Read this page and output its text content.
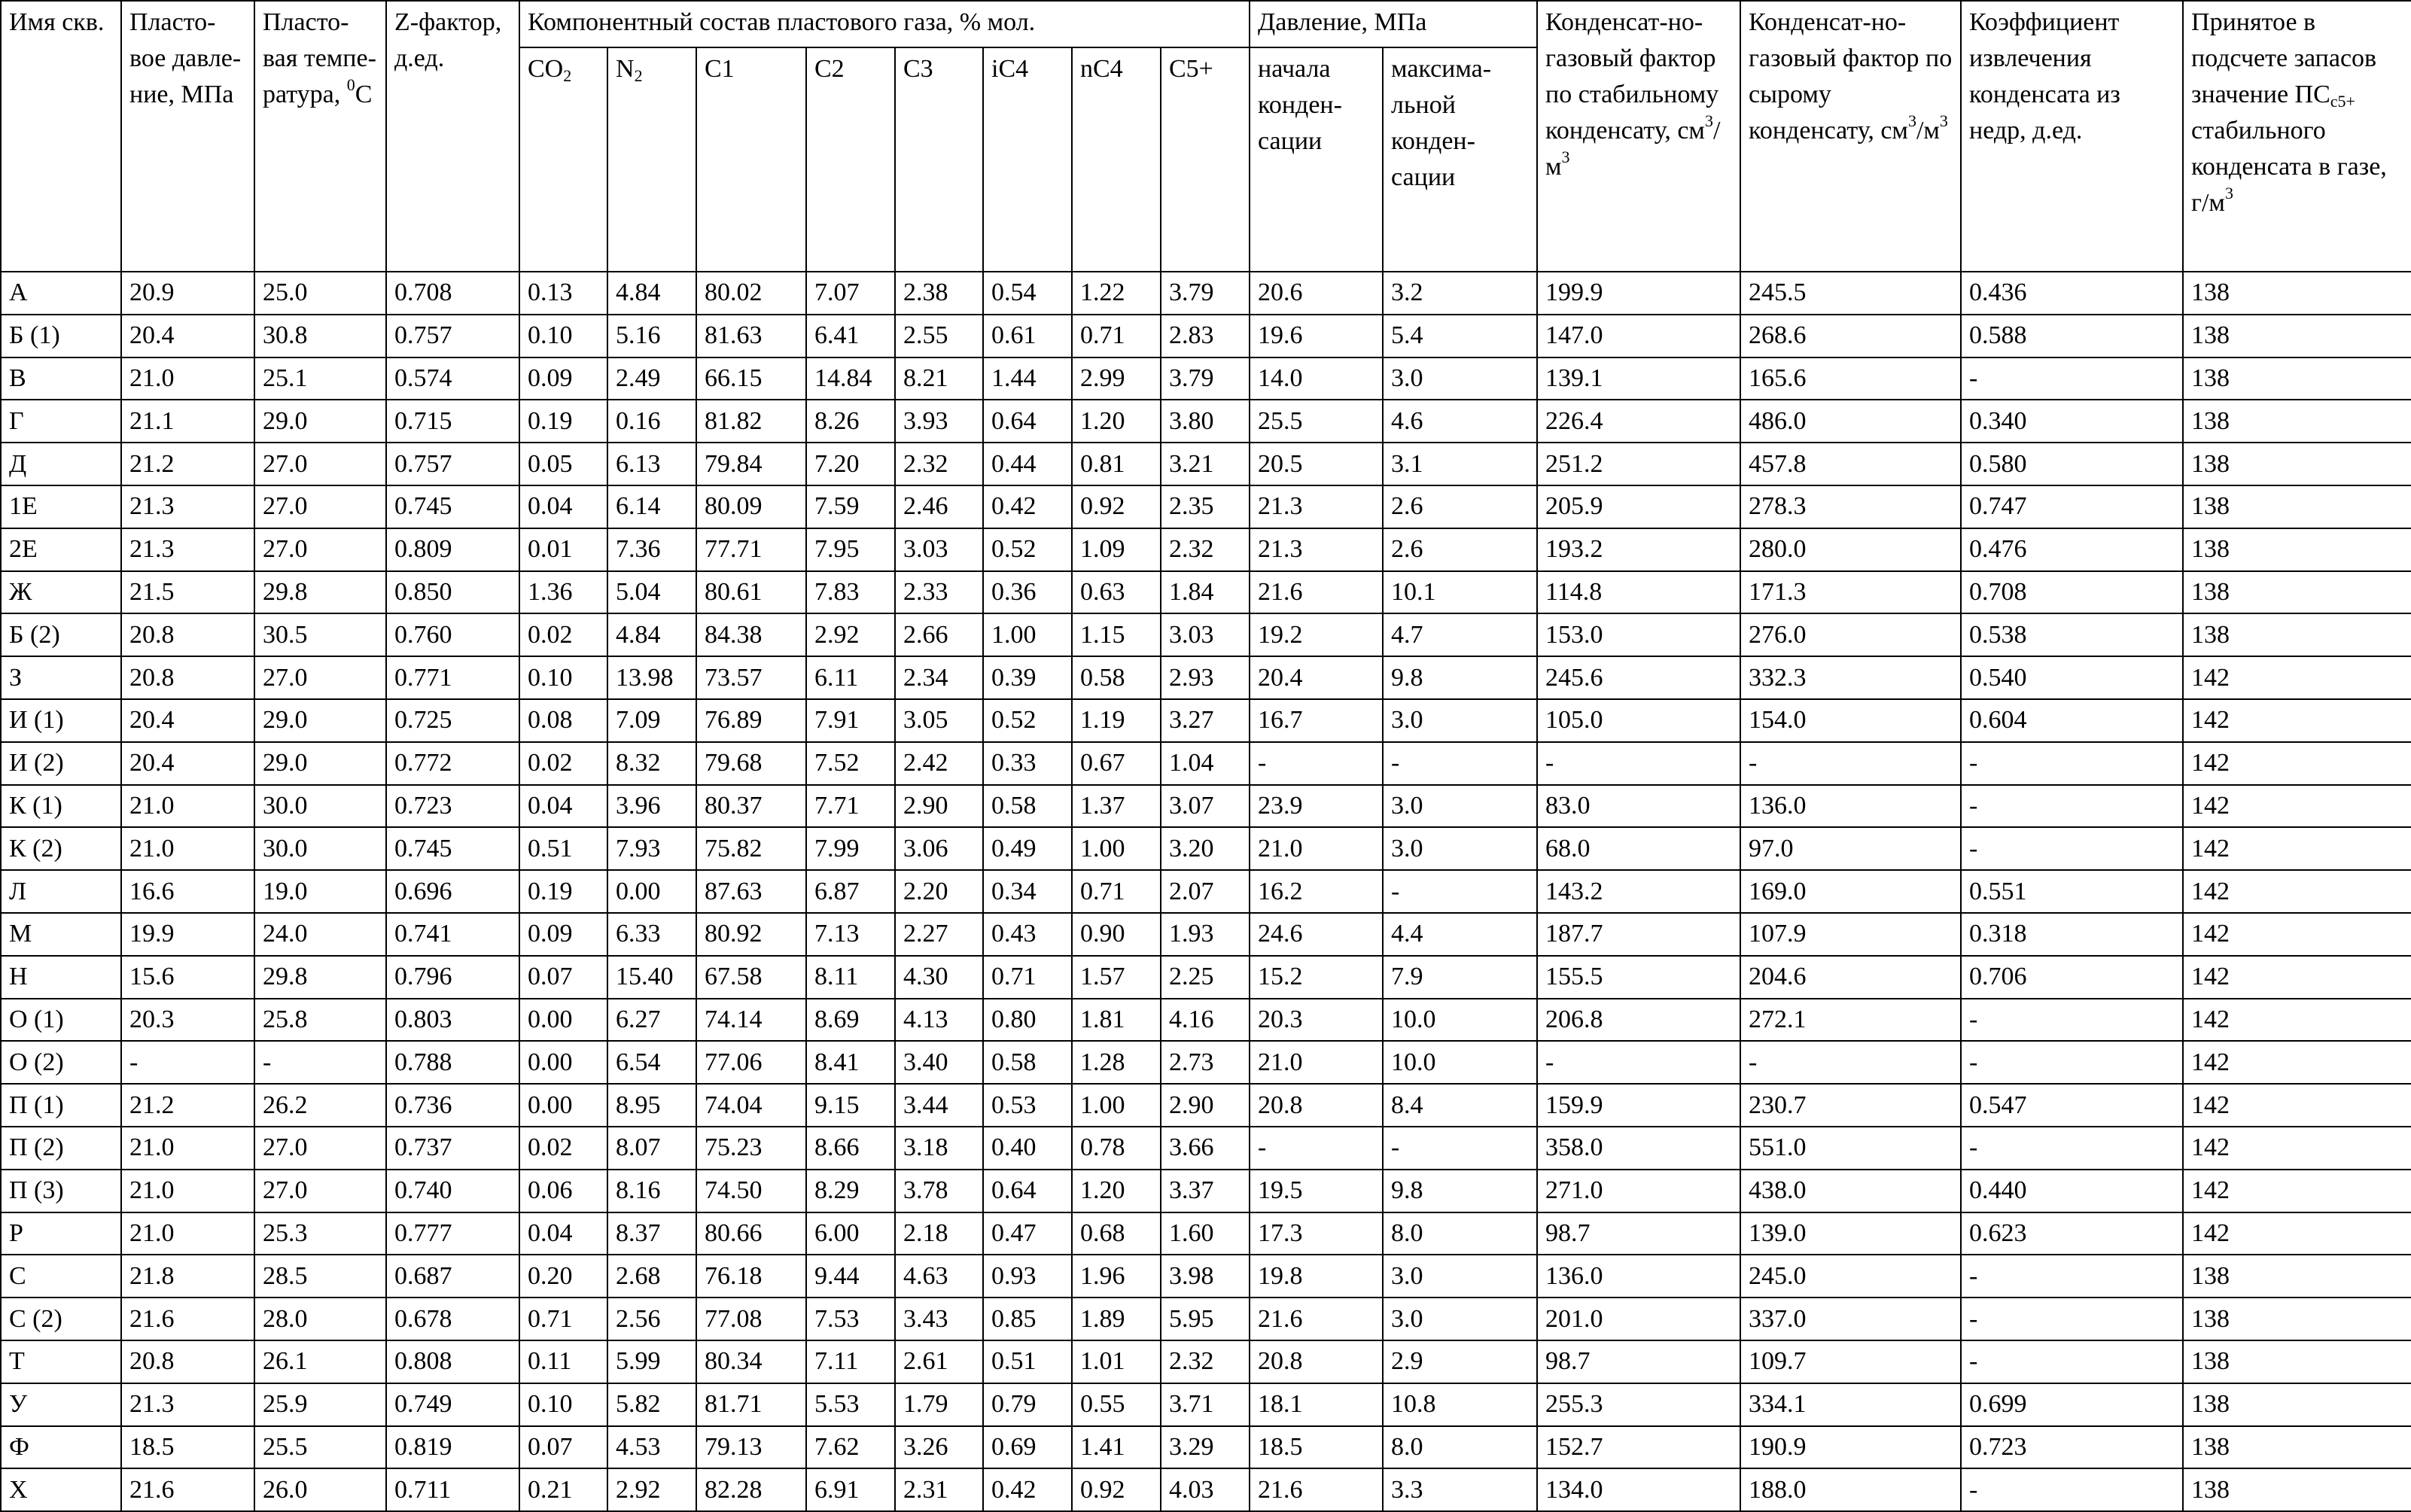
Имя скв.	Пласто-вое давле-ние, МПа	Пласто-вая темпе-ратура, $^0$C	Z-фактор, д.ед.	Компонентный состав пластового газа, % мол.								Давление, МПа		Конденсат-но-газовый фактор по стабильному конденсату, $см^3/м^3$	Конденсат-но-газовый фактор по сырому конденсату, $см^3/м^3$	Коэффициент извлечения конденсата из недр, д.ед.	Принятое в подсчете запасов значение $ПС_{c5+}$ стабильного конденсата в газе, $г/м^3$
				$CO_2$	$N_2$	C1	C2	C3	iC4	nC4	C5+	начала конден-сации	максима-льной конден-сации				
А	20.9	25.0	0.708	0.13	4.84	80.02	7.07	2.38	0.54	1.22	3.79	20.6	3.2	199.9	245.5	0.436	138
Б (1)	20.4	30.8	0.757	0.10	5.16	81.63	6.41	2.55	0.61	0.71	2.83	19.6	5.4	147.0	268.6	0.588	138
В	21.0	25.1	0.574	0.09	2.49	66.15	14.84	8.21	1.44	2.99	3.79	14.0	3.0	139.1	165.6	-	138
Г	21.1	29.0	0.715	0.19	0.16	81.82	8.26	3.93	0.64	1.20	3.80	25.5	4.6	226.4	486.0	0.340	138
Д	21.2	27.0	0.757	0.05	6.13	79.84	7.20	2.32	0.44	0.81	3.21	20.5	3.1	251.2	457.8	0.580	138
1Е	21.3	27.0	0.745	0.04	6.14	80.09	7.59	2.46	0.42	0.92	2.35	21.3	2.6	205.9	278.3	0.747	138
2Е	21.3	27.0	0.809	0.01	7.36	77.71	7.95	3.03	0.52	1.09	2.32	21.3	2.6	193.2	280.0	0.476	138
Ж	21.5	29.8	0.850	1.36	5.04	80.61	7.83	2.33	0.36	0.63	1.84	21.6	10.1	114.8	171.3	0.708	138
Б (2)	20.8	30.5	0.760	0.02	4.84	84.38	2.92	2.66	1.00	1.15	3.03	19.2	4.7	153.0	276.0	0.538	138
З	20.8	27.0	0.771	0.10	13.98	73.57	6.11	2.34	0.39	0.58	2.93	20.4	9.8	245.6	332.3	0.540	142
И (1)	20.4	29.0	0.725	0.08	7.09	76.89	7.91	3.05	0.52	1.19	3.27	16.7	3.0	105.0	154.0	0.604	142
И (2)	20.4	29.0	0.772	0.02	8.32	79.68	7.52	2.42	0.33	0.67	1.04	-	-	-	-	-	142
К (1)	21.0	30.0	0.723	0.04	3.96	80.37	7.71	2.90	0.58	1.37	3.07	23.9	3.0	83.0	136.0	-	142
К (2)	21.0	30.0	0.745	0.51	7.93	75.82	7.99	3.06	0.49	1.00	3.20	21.0	3.0	68.0	97.0	-	142
Л	16.6	19.0	0.696	0.19	0.00	87.63	6.87	2.20	0.34	0.71	2.07	16.2	-	143.2	169.0	0.551	142
М	19.9	24.0	0.741	0.09	6.33	80.92	7.13	2.27	0.43	0.90	1.93	24.6	4.4	187.7	107.9	0.318	142
Н	15.6	29.8	0.796	0.07	15.40	67.58	8.11	4.30	0.71	1.57	2.25	15.2	7.9	155.5	204.6	0.706	142
О (1)	20.3	25.8	0.803	0.00	6.27	74.14	8.69	4.13	0.80	1.81	4.16	20.3	10.0	206.8	272.1	-	142
О (2)	-	-	0.788	0.00	6.54	77.06	8.41	3.40	0.58	1.28	2.73	21.0	10.0	-	-	-	142
П (1)	21.2	26.2	0.736	0.00	8.95	74.04	9.15	3.44	0.53	1.00	2.90	20.8	8.4	159.9	230.7	0.547	142
П (2)	21.0	27.0	0.737	0.02	8.07	75.23	8.66	3.18	0.40	0.78	3.66	-	-	358.0	551.0	-	142
П (3)	21.0	27.0	0.740	0.06	8.16	74.50	8.29	3.78	0.64	1.20	3.37	19.5	9.8	271.0	438.0	0.440	142
Р	21.0	25.3	0.777	0.04	8.37	80.66	6.00	2.18	0.47	0.68	1.60	17.3	8.0	98.7	139.0	0.623	142
С	21.8	28.5	0.687	0.20	2.68	76.18	9.44	4.63	0.93	1.96	3.98	19.8	3.0	136.0	245.0	-	138
С (2)	21.6	28.0	0.678	0.71	2.56	77.08	7.53	3.43	0.85	1.89	5.95	21.6	3.0	201.0	337.0	-	138
Т	20.8	26.1	0.808	0.11	5.99	80.34	7.11	2.61	0.51	1.01	2.32	20.8	2.9	98.7	109.7	-	138
У	21.3	25.9	0.749	0.10	5.82	81.71	5.53	1.79	0.79	0.55	3.71	18.1	10.8	255.3	334.1	0.699	138
Ф	18.5	25.5	0.819	0.07	4.53	79.13	7.62	3.26	0.69	1.41	3.29	18.5	8.0	152.7	190.9	0.723	138
Х	21.6	26.0	0.711	0.21	2.92	82.28	6.91	2.31	0.42	0.92	4.03	21.6	3.3	134.0	188.0	-	138
